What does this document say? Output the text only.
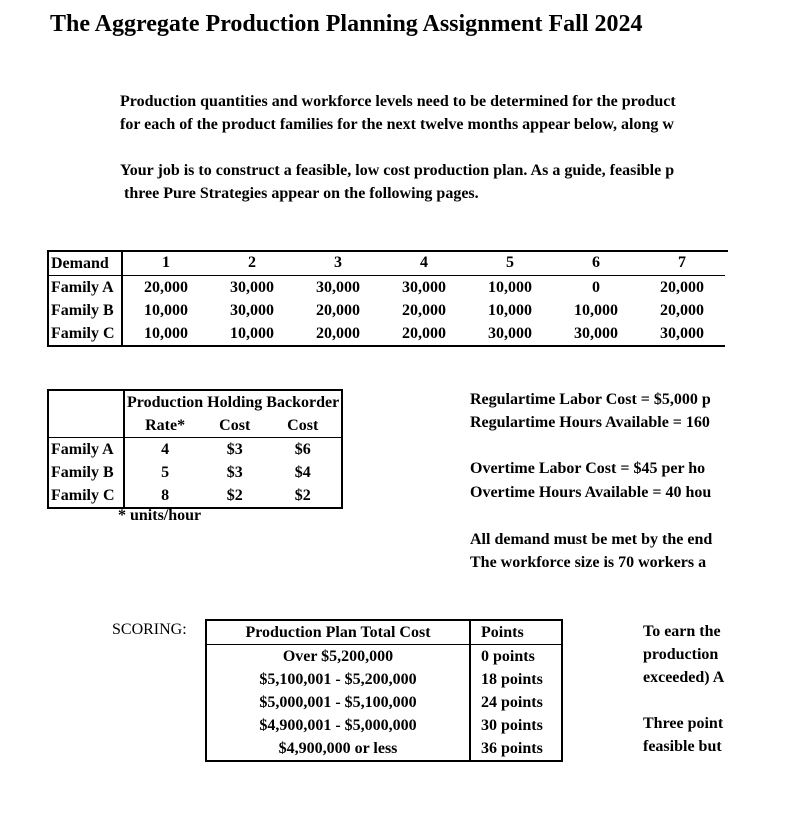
The Aggregate Production Planning Assignment Fall 2024
Production quantities and workforce levels need to be determined for the product
for each of the product families for the next twelve months appear below, along w
Your job is to construct a feasible, low cost production plan. As a guide, feasible p
three Pure Strategies appear on the following pages.
Demand	1	2	3	4	5	6	7
Family A	20,000	30,000	30,000	30,000	10,000	0	20,000
Family B	10,000	30,000	20,000	20,000	10,000	10,000	20,000
Family C	10,000	10,000	20,000	20,000	30,000	30,000	30,000
	Production	Holding	Backorder
	Rate*	Cost	Cost
Family A	4	$3	$6
Family B	5	$3	$4
Family C	8	$2	$2
* units/hour
Regulartime Labor Cost = $5,000 p
Regulartime Hours Available = 160
Overtime Labor Cost = $45 per ho
Overtime Hours Available = 40 hou
All demand must be met by the end
The workforce size is 70 workers a
SCORING:	Production Plan Total Cost	Points
Over $5,200,000	0 points
$5,100,001 - $5,200,000	18 points
$5,000,001 - $5,100,000	24 points
$4,900,001 - $5,000,000	30 points
$4,900,000 or less	36 points
To earn the
production
exceeded) A
Three point
feasible but
